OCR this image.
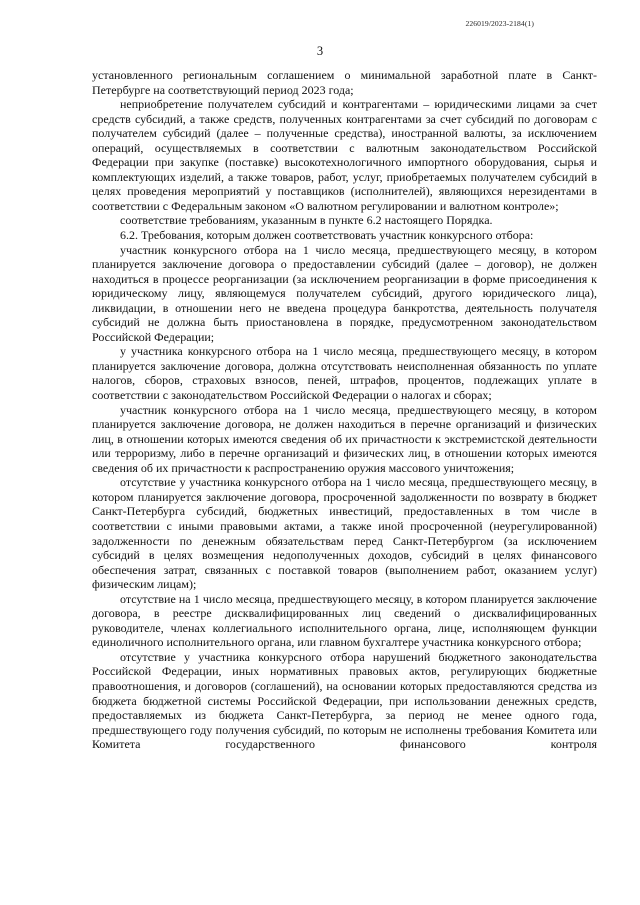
226019/2023-2184(1)
3

установленного региональным соглашением о минимальной заработной плате в Санкт-Петербурге на соответствующий период 2023 года;

неприобретение получателем субсидий и контрагентами – юридическими лицами за счет средств субсидий, а также средств, полученных контрагентами за счет субсидий по договорам с получателем субсидий (далее – полученные средства), иностранной валюты, за исключением операций, осуществляемых в соответствии с валютным законодательством Российской Федерации при закупке (поставке) высокотехнологичного импортного оборудования, сырья и комплектующих изделий, а также товаров, работ, услуг, приобретаемых получателем субсидий в целях проведения мероприятий у поставщиков (исполнителей), являющихся нерезидентами в соответствии с Федеральным законом «О валютном регулировании и валютном контроле»;

соответствие требованиям, указанным в пункте 6.2 настоящего Порядка.

6.2. Требования, которым должен соответствовать участник конкурсного отбора:

участник конкурсного отбора на 1 число месяца, предшествующего месяцу, в котором планируется заключение договора о предоставлении субсидий (далее – договор), не должен находиться в процессе реорганизации (за исключением реорганизации в форме присоединения к юридическому лицу, являющемуся получателем субсидий, другого юридического лица), ликвидации, в отношении него не введена процедура банкротства, деятельность получателя субсидий не должна быть приостановлена в порядке, предусмотренном законодательством Российской Федерации;

у участника конкурсного отбора на 1 число месяца, предшествующего месяцу, в котором планируется заключение договора, должна отсутствовать неисполненная обязанность по уплате налогов, сборов, страховых взносов, пеней, штрафов, процентов, подлежащих уплате в соответствии с законодательством Российской Федерации о налогах и сборах;

участник конкурсного отбора на 1 число месяца, предшествующего месяцу, в котором планируется заключение договора, не должен находиться в перечне организаций и физических лиц, в отношении которых имеются сведения об их причастности к экстремистской деятельности или терроризму, либо в перечне организаций и физических лиц, в отношении которых имеются сведения об их причастности к распространению оружия массового уничтожения;

отсутствие у участника конкурсного отбора на 1 число месяца, предшествующего месяцу, в котором планируется заключение договора, просроченной задолженности по возврату в бюджет Санкт-Петербурга субсидий, бюджетных инвестиций, предоставленных в том числе в соответствии с иными правовыми актами, а также иной просроченной (неурегулированной) задолженности по денежным обязательствам перед Санкт-Петербургом (за исключением субсидий в целях возмещения недополученных доходов, субсидий в целях финансового обеспечения затрат, связанных с поставкой товаров (выполнением работ, оказанием услуг) физическим лицам);

отсутствие на 1 число месяца, предшествующего месяцу, в котором планируется заключение договора, в реестре дисквалифицированных лиц сведений о дисквалифицированных руководителе, членах коллегиального исполнительного органа, лице, исполняющем функции единоличного исполнительного органа, или главном бухгалтере участника конкурсного отбора;

отсутствие у участника конкурсного отбора нарушений бюджетного законодательства Российской Федерации, иных нормативных правовых актов, регулирующих бюджетные правоотношения, и договоров (соглашений), на основании которых предоставляются средства из бюджета бюджетной системы Российской Федерации, при использовании денежных средств, предоставляемых из бюджета Санкт-Петербурга, за период не менее одного года, предшествующего году получения субсидий, по которым не исполнены требования Комитета или Комитета государственного финансового контроля
